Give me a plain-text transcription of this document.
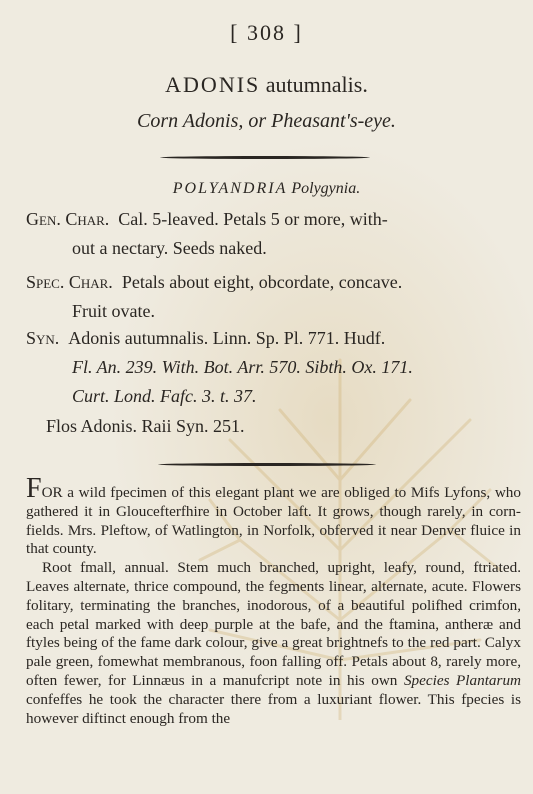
[ 308 ]
ADONIS autumnalis.
Corn Adonis, or Pheasant's-eye.
POLYANDRIA Polygynia.
Gen. Char. Cal. 5-leaved. Petals 5 or more, with-
out a nectary. Seeds naked.
Spec. Char. Petals about eight, obcordate, concave.
Fruit ovate.
Syn. Adonis autumnalis. Linn. Sp. Pl. 771. Hudf.
Fl. An. 239. With. Bot. Arr. 570. Sibth. Ox. 171.
Curt. Lond. Fafc. 3. t. 37.
Flos Adonis. Raii Syn. 251.

FOR a wild fpecimen of this elegant plant we are obliged to Mifs Lyfons, who gathered it in Gloucefterfhire in October laft. It grows, though rarely, in corn-fields. Mrs. Pleftow, of Watlington, in Norfolk, obferved it near Denver fluice in that county.

Root fmall, annual. Stem much branched, upright, leafy, round, ftriated. Leaves alternate, thrice compound, the fegments linear, alternate, acute. Flowers folitary, terminating the branches, inodorous, of a beautiful polifhed crimfon, each petal marked with deep purple at the bafe, and the ftamina, antheræ and ftyles being of the fame dark colour, give a great brightnefs to the red part. Calyx pale green, fomewhat membranous, foon falling off. Petals about 8, rarely more, often fewer, for Linnæus in a manufcript note in his own Species Plantarum confeffes he took the character there from a luxuriant flower. This fpecies is however diftinct enough from the
